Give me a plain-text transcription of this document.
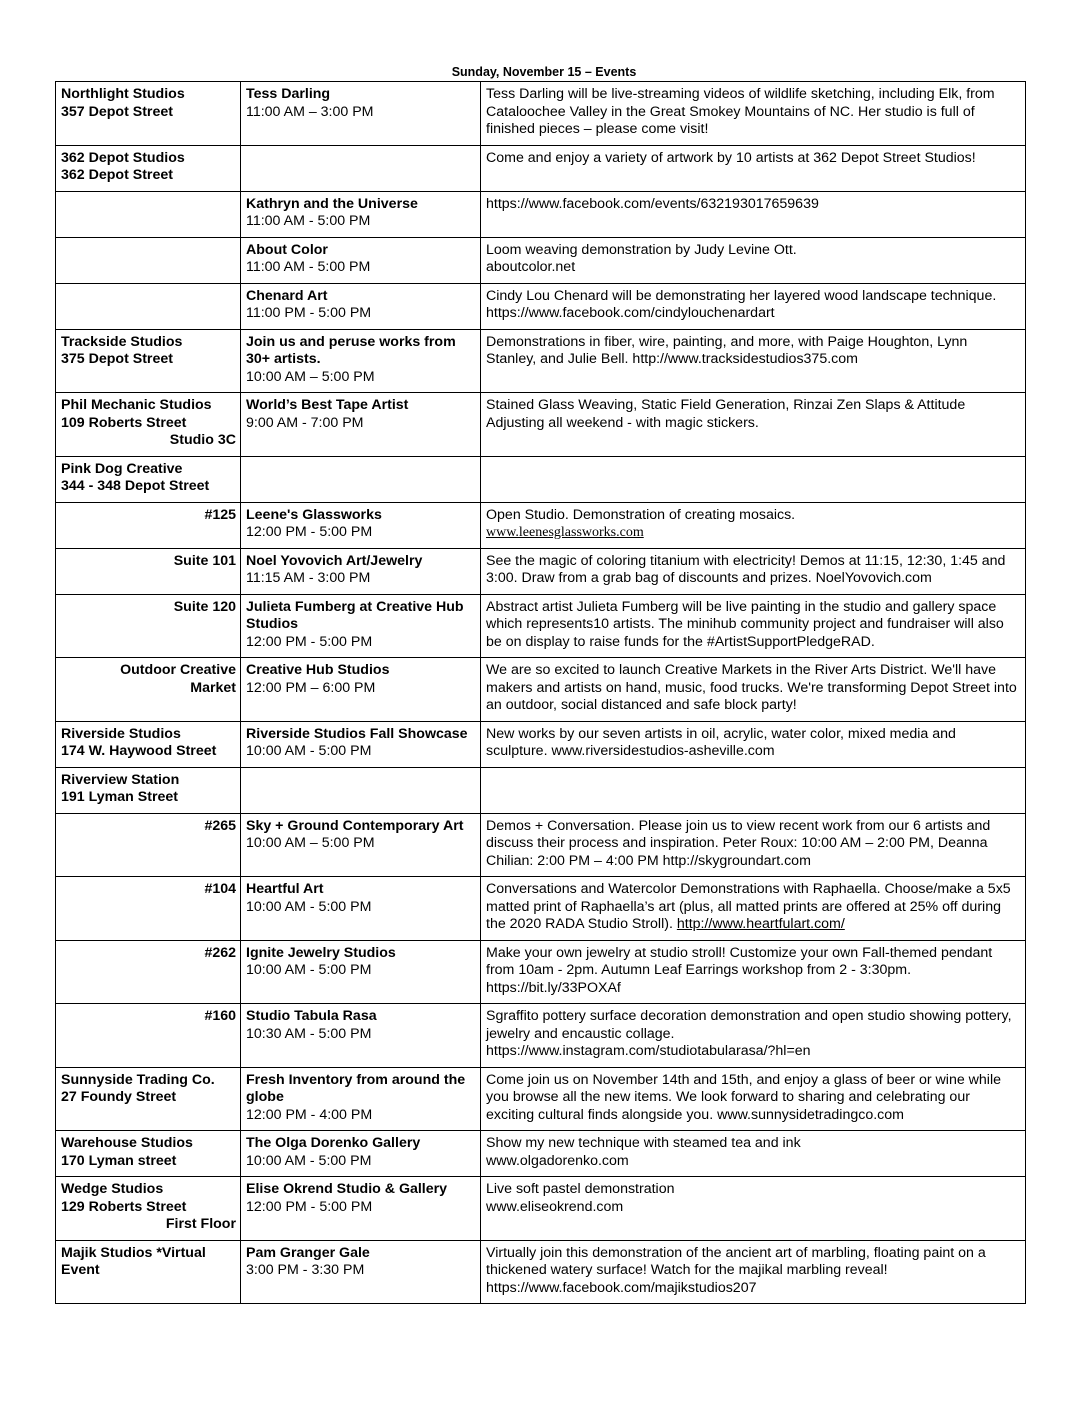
Sunday, November 15 – Events
Northlight Studios
357 Depot Street	Tess Darling
11:00 AM – 3:00 PM	Tess Darling will be live-streaming videos of wildlife sketching, including Elk, from Cataloochee Valley in the Great Smokey Mountains of NC. Her studio is full of finished pieces – please come visit!

362 Depot Studios
362 Depot Street		Come and enjoy a variety of artwork by 10 artists at 362 Depot Street Studios!

	Kathryn and the Universe
11:00 AM - 5:00 PM	https://www.facebook.com/events/632193017659639

	About Color
11:00 AM - 5:00 PM	Loom weaving demonstration by Judy Levine Ott.
aboutcolor.net

	Chenard Art
11:00 PM - 5:00 PM	Cindy Lou Chenard will be demonstrating her layered wood landscape technique.
https://www.facebook.com/cindylouchenardart

Trackside Studios
375 Depot Street	Join us and peruse works from 30+ artists.
10:00 AM – 5:00 PM	Demonstrations in fiber, wire, painting, and more, with Paige Houghton, Lynn Stanley, and Julie Bell. http://www.tracksidestudios375.com

Phil Mechanic Studios
109 Roberts Street
Studio 3C	World’s Best Tape Artist
9:00 AM - 7:00 PM	Stained Glass Weaving, Static Field Generation, Rinzai Zen Slaps & Attitude Adjusting all weekend - with magic stickers.

Pink Dog Creative
344 - 348 Depot Street		

#125	Leene's Glassworks
12:00 PM - 5:00 PM	Open Studio. Demonstration of creating mosaics.
www.leenesglassworks.com

Suite 101	Noel Yovovich Art/Jewelry
11:15 AM - 3:00 PM	See the magic of coloring titanium with electricity! Demos at 11:15, 12:30, 1:45 and 3:00. Draw from a grab bag of discounts and prizes. NoelYovovich.com

Suite 120	Julieta Fumberg at Creative Hub Studios
12:00 PM - 5:00 PM	Abstract artist Julieta Fumberg will be live painting in the studio and gallery space which represents10 artists. The minihub community project and fundraiser will also be on display to raise funds for the #ArtistSupportPledgeRAD.

Outdoor Creative
Market	Creative Hub Studios
12:00 PM – 6:00 PM	We are so excited to launch Creative Markets in the River Arts District. We'll have makers and artists on hand, music, food trucks. We're transforming Depot Street into an outdoor, social distanced and safe block party!

Riverside Studios
174 W. Haywood Street	Riverside Studios Fall Showcase
10:00 AM - 5:00 PM	New works by our seven artists in oil, acrylic, water color, mixed media and sculpture. www.riversidestudios-asheville.com

Riverview Station
191 Lyman Street		

#265	Sky + Ground Contemporary Art
10:00 AM – 5:00 PM	Demos + Conversation. Please join us to view recent work from our 6 artists and discuss their process and inspiration. Peter Roux: 10:00 AM – 2:00 PM, Deanna Chilian: 2:00 PM – 4:00 PM http://skygroundart.com

#104	Heartful Art
10:00 AM - 5:00 PM	Conversations and Watercolor Demonstrations with Raphaella. Choose/make a 5x5 matted print of Raphaella’s art (plus, all matted prints are offered at 25% off during the 2020 RADA Studio Stroll). http://www.heartfulart.com/

#262	Ignite Jewelry Studios
10:00 AM - 5:00 PM	Make your own jewelry at studio stroll! Customize your own Fall-themed pendant from 10am - 2pm. Autumn Leaf Earrings workshop from 2 - 3:30pm. https://bit.ly/33POXAf

#160	Studio Tabula Rasa
10:30 AM - 5:00 PM	Sgraffito pottery surface decoration demonstration and open studio showing pottery, jewelry and encaustic collage.
https://www.instagram.com/studiotabularasa/?hl=en

Sunnyside Trading Co.
27 Foundy Street	Fresh Inventory from around the globe
12:00 PM - 4:00 PM	Come join us on November 14th and 15th, and enjoy a glass of beer or wine while you browse all the new items. We look forward to sharing and celebrating our exciting cultural finds alongside you. www.sunnysidetradingco.com

Warehouse Studios
170 Lyman street	The Olga Dorenko Gallery
10:00 AM - 5:00 PM	Show my new technique with steamed tea and ink
www.olgadorenko.com

Wedge Studios
129 Roberts Street
First Floor	Elise Okrend Studio & Gallery
12:00 PM - 5:00 PM	Live soft pastel demonstration
www.eliseokrend.com

Majik Studios *Virtual Event	Pam Granger Gale
3:00 PM - 3:30 PM	Virtually join this demonstration of the ancient art of marbling, floating paint on a thickened watery surface! Watch for the majikal marbling reveal!
https://www.facebook.com/majikstudios207
